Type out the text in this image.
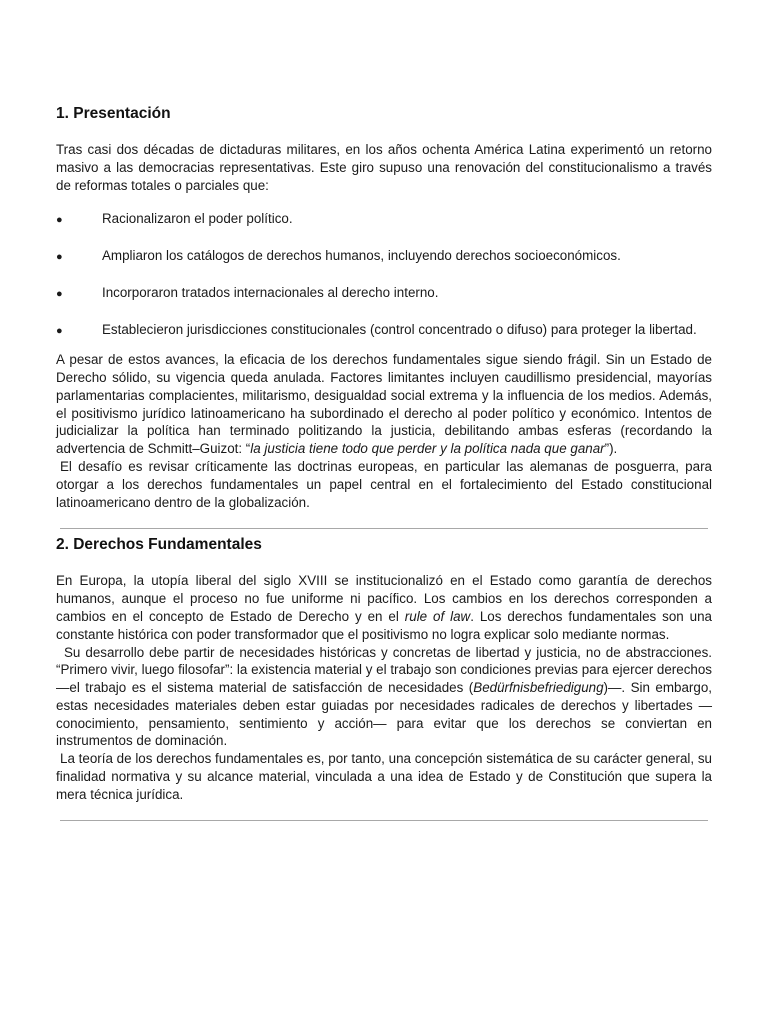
1. Presentación

Tras casi dos décadas de dictaduras militares, en los años ochenta América Latina experimentó un retorno masivo a las democracias representativas. Este giro supuso una renovación del constitucionalismo a través de reformas totales o parciales que:

●	Racionalizaron el poder político.
●	Ampliaron los catálogos de derechos humanos, incluyendo derechos socioeconómicos.
●	Incorporaron tratados internacionales al derecho interno.
●	Establecieron jurisdicciones constitucionales (control concentrado o difuso) para proteger la libertad.

A pesar de estos avances, la eficacia de los derechos fundamentales sigue siendo frágil. Sin un Estado de Derecho sólido, su vigencia queda anulada. Factores limitantes incluyen caudillismo presidencial, mayorías parlamentarias complacientes, militarismo, desigualdad social extrema y la influencia de los medios. Además, el positivismo jurídico latinoamericano ha subordinado el derecho al poder político y económico. Intentos de judicializar la política han terminado politizando la justicia, debilitando ambas esferas (recordando la advertencia de Schmitt–Guizot: “la justicia tiene todo que perder y la política nada que ganar”).

El desafío es revisar críticamente las doctrinas europeas, en particular las alemanas de posguerra, para otorgar a los derechos fundamentales un papel central en el fortalecimiento del Estado constitucional latinoamericano dentro de la globalización.

2. Derechos Fundamentales

En Europa, la utopía liberal del siglo XVIII se institucionalizó en el Estado como garantía de derechos humanos, aunque el proceso no fue uniforme ni pacífico. Los cambios en los derechos corresponden a cambios en el concepto de Estado de Derecho y en el rule of law. Los derechos fundamentales son una constante histórica con poder transformador que el positivismo no logra explicar solo mediante normas.

Su desarrollo debe partir de necesidades históricas y concretas de libertad y justicia, no de abstracciones. “Primero vivir, luego filosofar”: la existencia material y el trabajo son condiciones previas para ejercer derechos —el trabajo es el sistema material de satisfacción de necesidades (Bedürfnisbefriedigung)—. Sin embargo, estas necesidades materiales deben estar guiadas por necesidades radicales de derechos y libertades —conocimiento, pensamiento, sentimiento y acción— para evitar que los derechos se conviertan en instrumentos de dominación.

La teoría de los derechos fundamentales es, por tanto, una concepción sistemática de su carácter general, su finalidad normativa y su alcance material, vinculada a una idea de Estado y de Constitución que supera la mera técnica jurídica.
